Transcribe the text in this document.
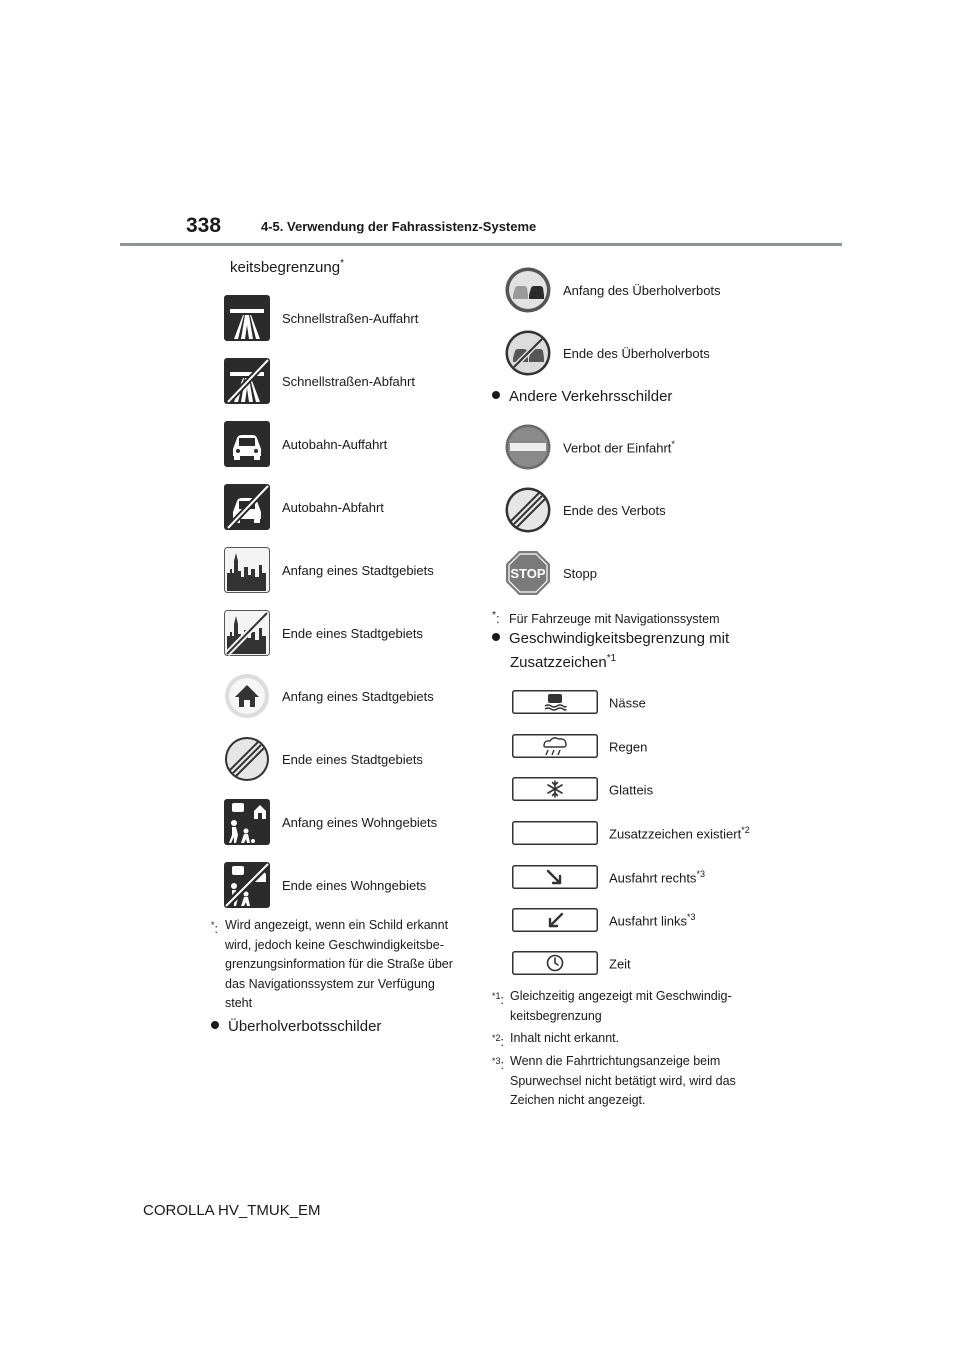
338	4-5. Verwendung der Fahrassistenz-Systeme
keitsbegrenzung*
Schnellstraßen-Auffahrt
Schnellstraßen-Abfahrt
Autobahn-Auffahrt
Autobahn-Abfahrt
Anfang eines Stadtgebiets
Ende eines Stadtgebiets
Anfang eines Stadtgebiets
Ende eines Stadtgebiets
Anfang eines Wohngebiets
Ende eines Wohngebiets
*: Wird angezeigt, wenn ein Schild erkannt
wird, jedoch keine Geschwindigkeitsbe-
grenzungsinformation für die Straße über
das Navigationssystem zur Verfügung
steht
Überholverbotsschilder
Anfang des Überholverbots
Ende des Überholverbots
Andere Verkehrsschilder
Verbot der Einfahrt*
Ende des Verbots
STOP Stopp
*: Für Fahrzeuge mit Navigationssystem
Geschwindigkeitsbegrenzung mit
Zusatzzeichen$^{*1}$
Nässe
Regen
Glatteis
Zusatzzeichen existiert$^{*2}$
Ausfahrt rechts$^{*3}$
Ausfahrt links$^{*3}$
Zeit
$^{*1}$: Gleichzeitig angezeigt mit Geschwindig-
keitsbegrenzung
$^{*2}$: Inhalt nicht erkannt.
$^{*3}$: Wenn die Fahrtrichtungsanzeige beim
Spurwechsel nicht betätigt wird, wird das
Zeichen nicht angezeigt.
COROLLA HV_TMUK_EM
